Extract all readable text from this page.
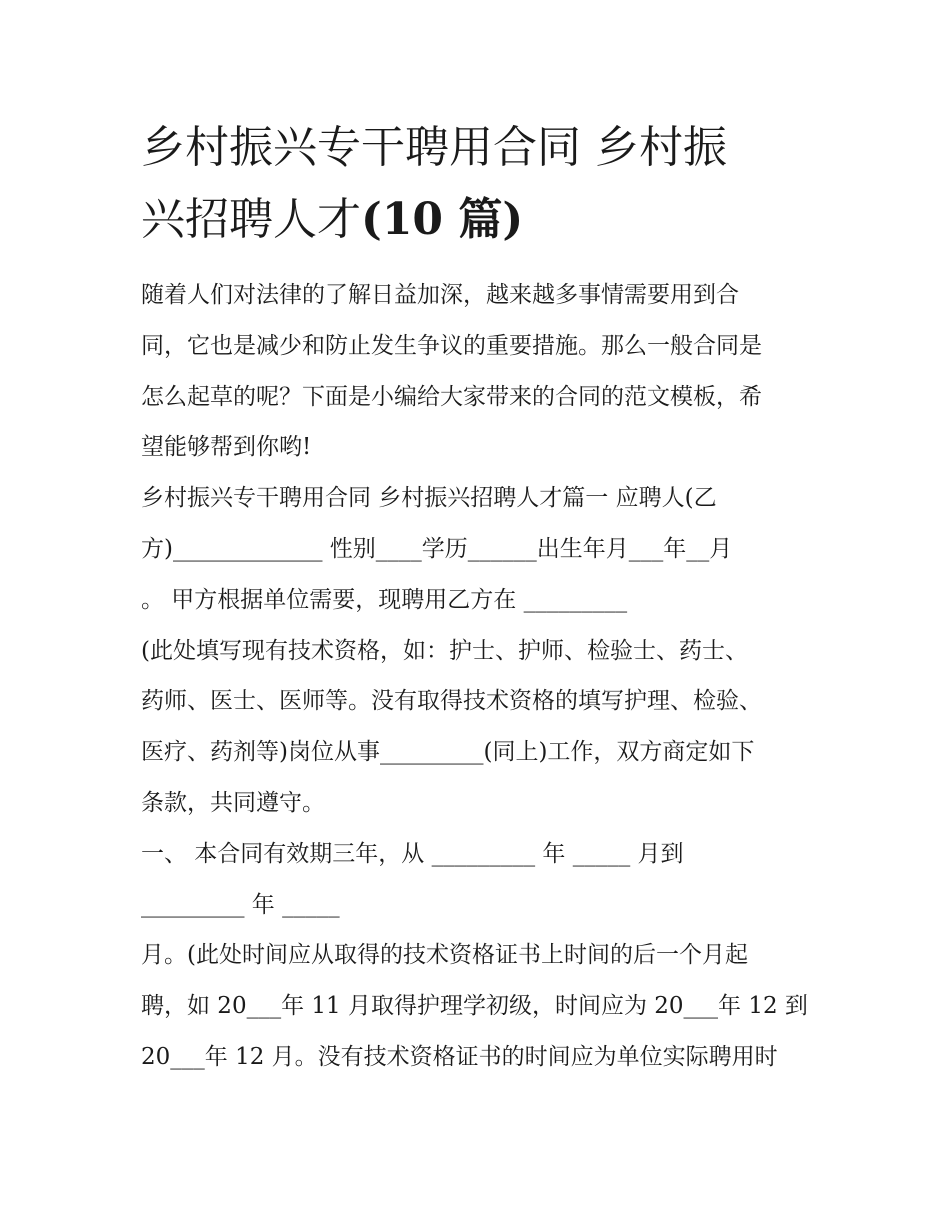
乡村振兴专干聘用合同 乡村振
兴招聘人才(10 篇)
随着人们对法律的了解日益加深，越来越多事情需要用到合
同，它也是减少和防止发生争议的重要措施。那么一般合同是
怎么起草的呢？下面是小编给大家带来的合同的范文模板，希
望能够帮到你哟!
乡村振兴专干聘用合同 乡村振兴招聘人才篇一 应聘人(乙
方)_____________ 性别____学历______出生年月___年__月
。 甲方根据单位需要，现聘用乙方在 _________
(此处填写现有技术资格，如：护士、护师、检验士、药士、
药师、医士、医师等。没有取得技术资格的填写护理、检验、
医疗、药剂等)岗位从事_________(同上)工作，双方商定如下
条款，共同遵守。
一、 本合同有效期三年，从 _________ 年 _____ 月到
_________ 年 _____
月。(此处时间应从取得的技术资格证书上时间的后一个月起
聘，如 20___年 11 月取得护理学初级，时间应为 20___年 12 到
20___年 12 月。没有技术资格证书的时间应为单位实际聘用时
